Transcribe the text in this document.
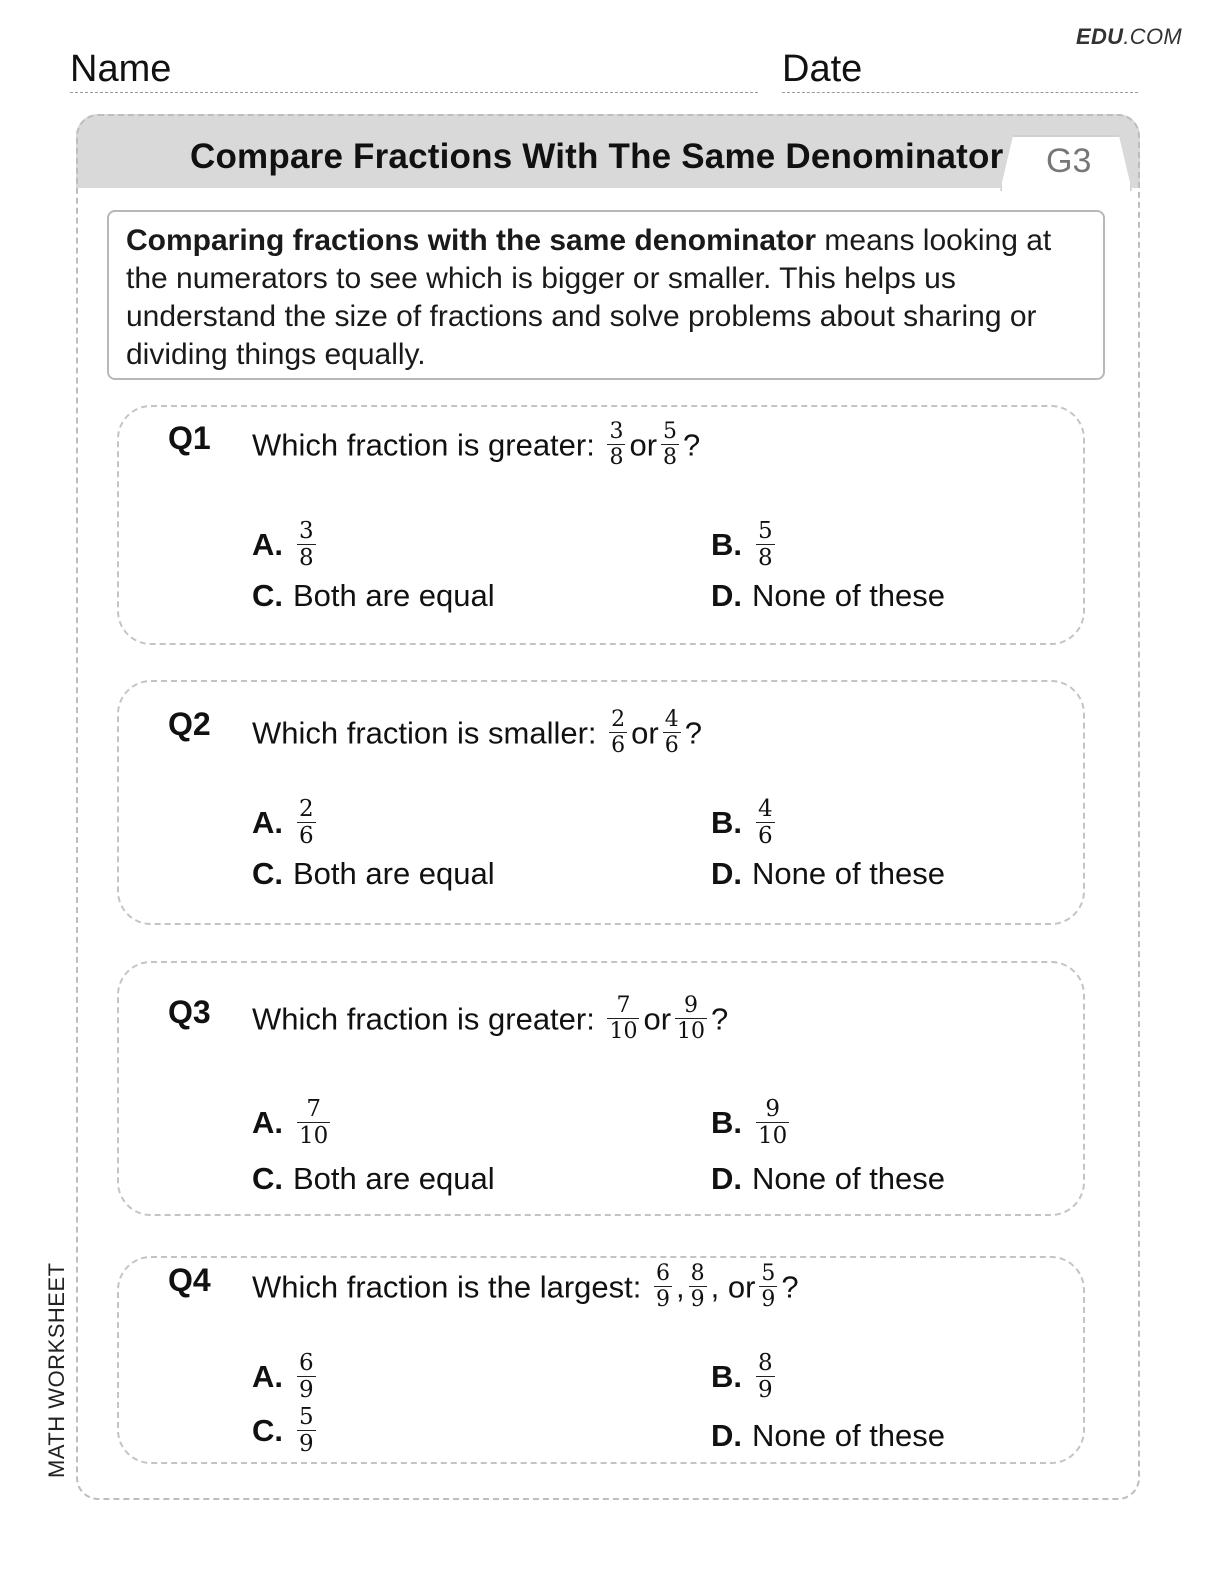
EDU.COM
Name	Date
Compare Fractions With The Same Denominator G3
Comparing fractions with the same denominator means looking at the numerators to see which is bigger or smaller. This helps us understand the size of fractions and solve problems about sharing or dividing things equally.
Q1 Which fraction is greater: $\frac{3}{8}$ or $\frac{5}{8}$ ?
A. $\frac{3}{8}$	B. $\frac{5}{8}$
C. Both are equal	D. None of these
Q2 Which fraction is smaller: $\frac{2}{6}$ or $\frac{4}{6}$ ?
A. $\frac{2}{6}$	B. $\frac{4}{6}$
C. Both are equal	D. None of these
Q3 Which fraction is greater: $\frac{7}{10}$ or $\frac{9}{10}$ ?
A. $\frac{7}{10}$	B. $\frac{9}{10}$
C. Both are equal	D. None of these
Q4 Which fraction is the largest: $\frac{6}{9}$ , $\frac{8}{9}$ , or $\frac{5}{9}$ ?
A. $\frac{6}{9}$	B. $\frac{8}{9}$
C. $\frac{5}{9}$	D. None of these
MATH WORKSHEET
